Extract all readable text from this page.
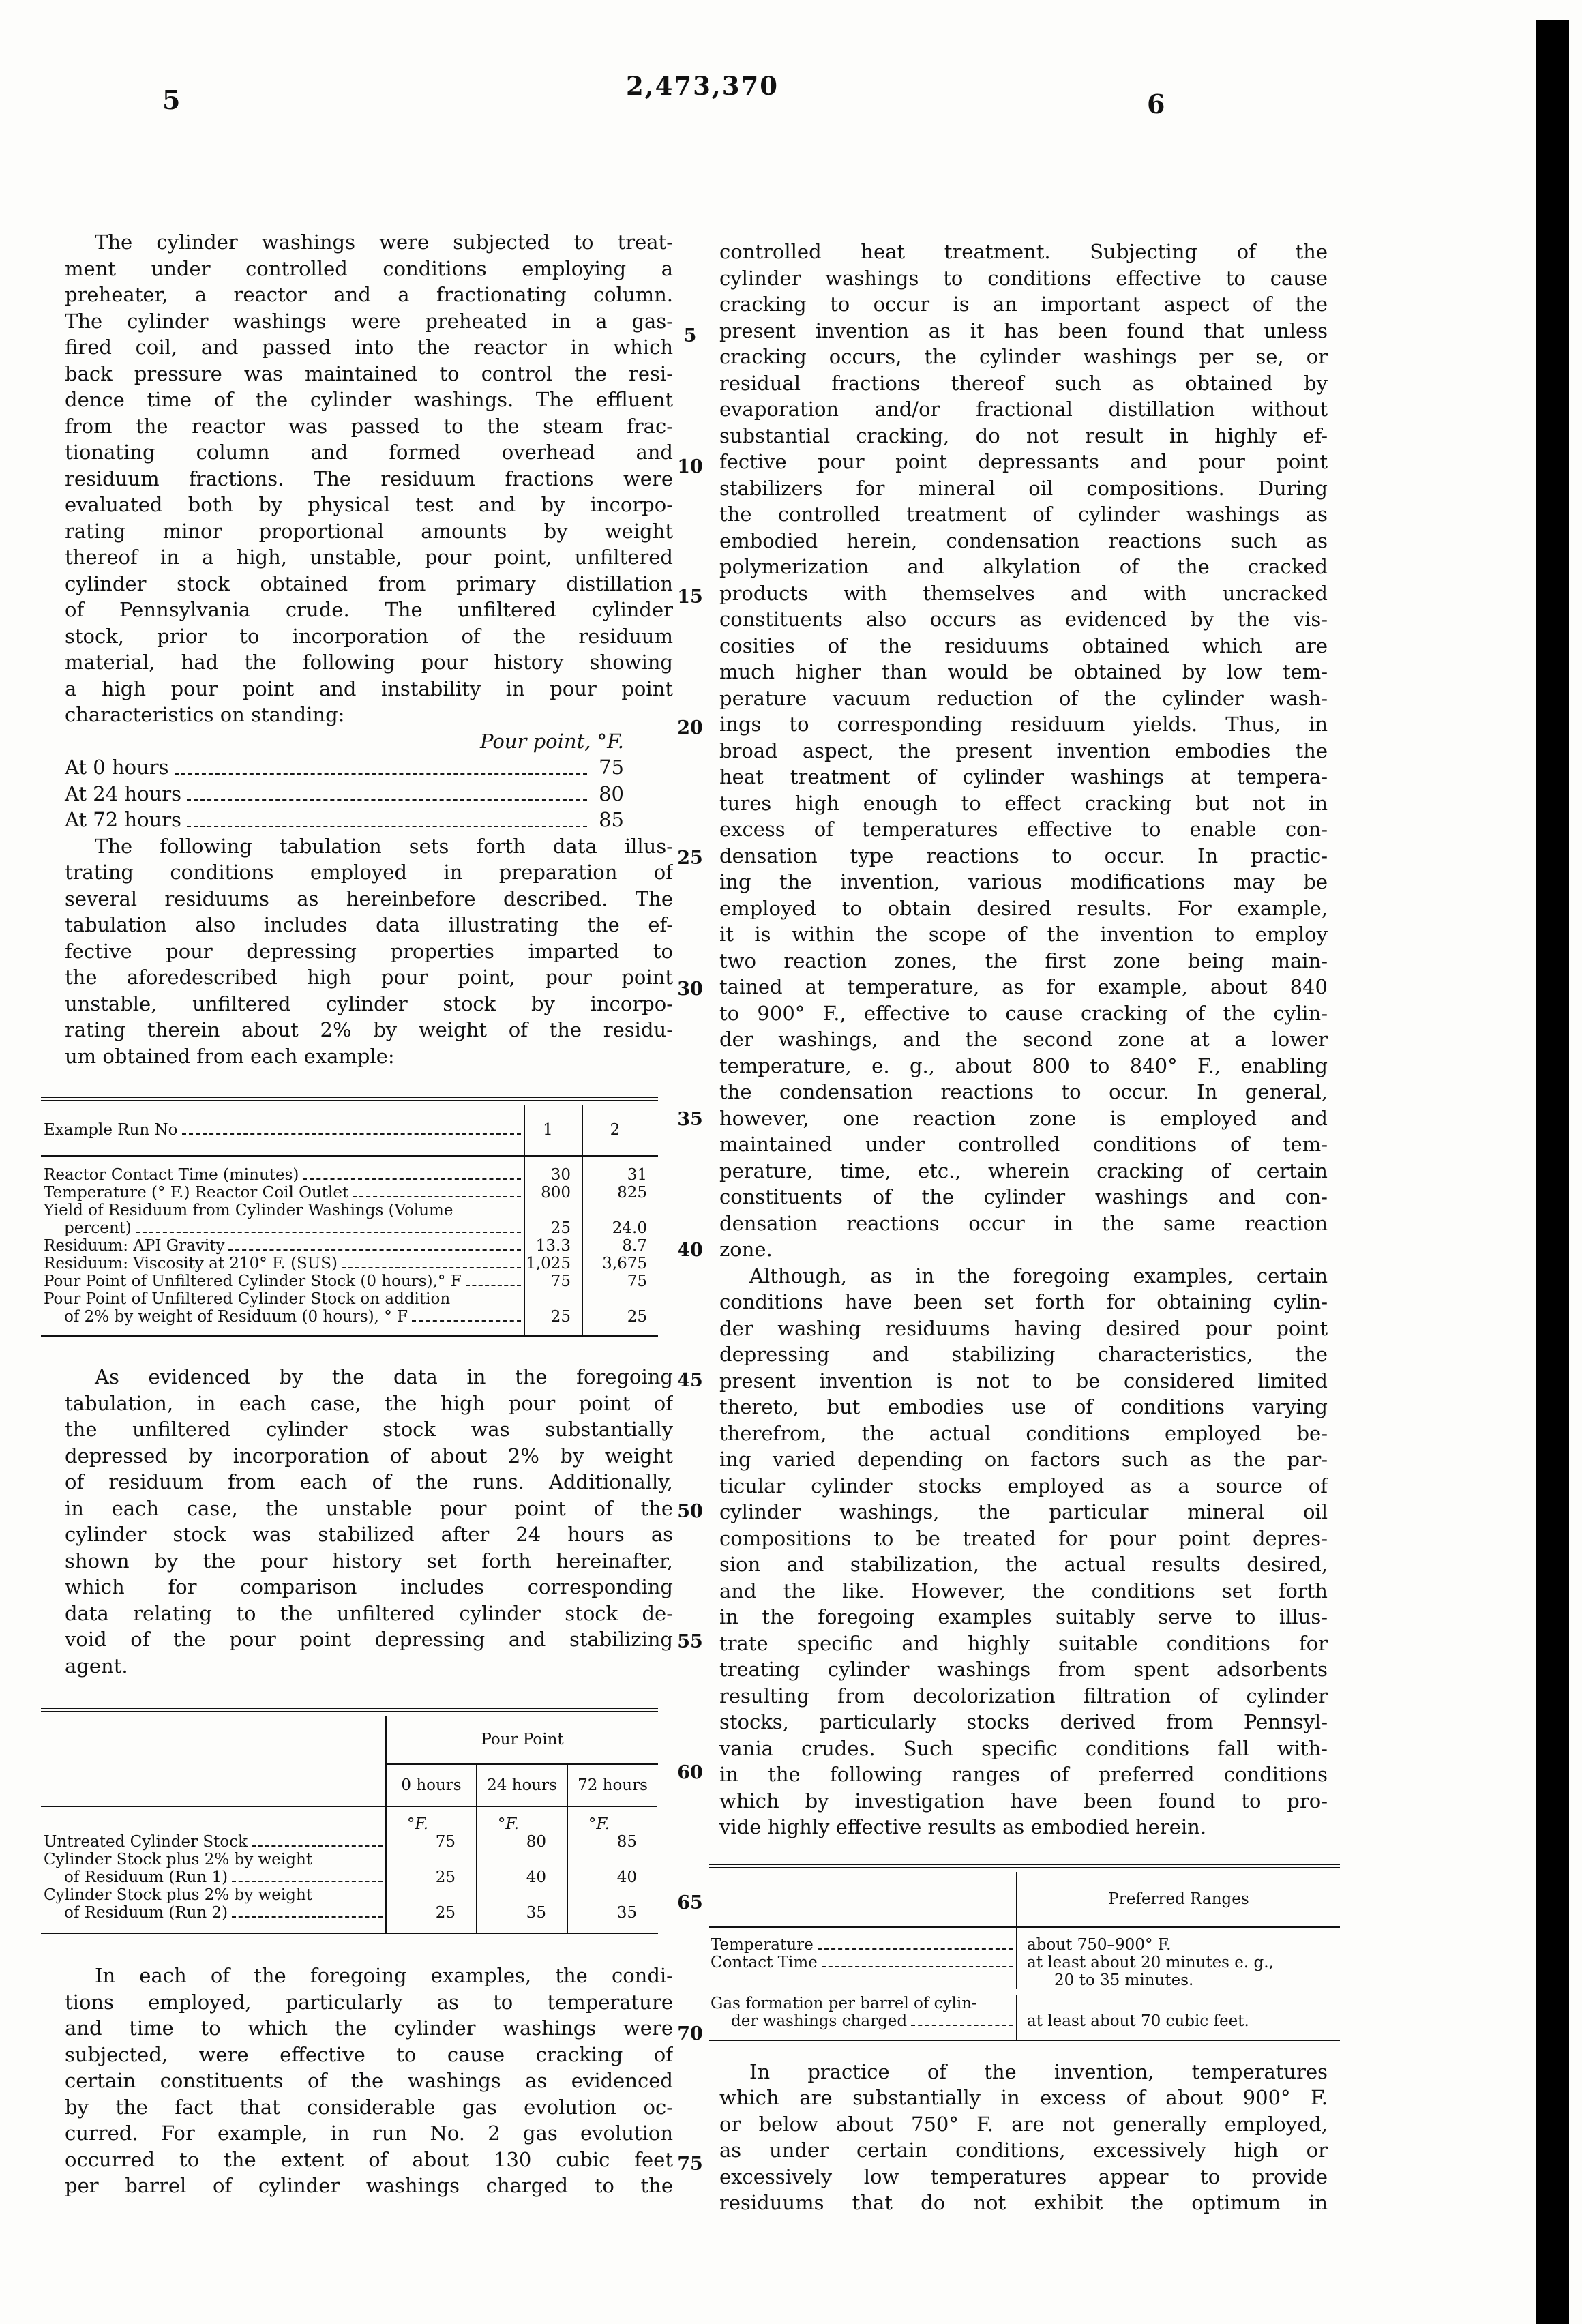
2,473,370
5	6
5
10
15
20
25
30
35
40
45
50
55
60
65
70
75
The cylinder washings were subjected to treat-
ment under controlled conditions employing a
preheater, a reactor and a fractionating column.
The cylinder washings were preheated in a gas-
fired coil, and passed into the reactor in which
back pressure was maintained to control the resi-
dence time of the cylinder washings. The effluent
from the reactor was passed to the steam frac-
tionating column and formed overhead and
residuum fractions. The residuum fractions were
evaluated both by physical test and by incorpo-
rating minor proportional amounts by weight
thereof in a high, unstable, pour point, unfiltered
cylinder stock obtained from primary distillation
of Pennsylvania crude. The unfiltered cylinder
stock, prior to incorporation of the residuum
material, had the following pour history showing
a high pour point and instability in pour point
characteristics on standing:
Pour point, °F.
At 0 hours	75
At 24 hours	80
At 72 hours	85
The following tabulation sets forth data illus-
trating conditions employed in preparation of
several residuums as hereinbefore described. The
tabulation also includes data illustrating the ef-
fective pour depressing properties imparted to
the aforedescribed high pour point, pour point
unstable, unfiltered cylinder stock by incorpo-
rating therein about 2% by weight of the residu-
um obtained from each example:
Example Run No	1	2
Reactor Contact Time (minutes)	30	31
Temperature (° F.) Reactor Coil Outlet	800	825
Yield of Residuum from Cylinder Washings (Volume
percent)	25	24.0
Residuum: API Gravity	13.3	8.7
Residuum: Viscosity at 210° F. (SUS)	1,025	3,675
Pour Point of Unfiltered Cylinder Stock (0 hours),° F	75	75
Pour Point of Unfiltered Cylinder Stock on addition
of 2% by weight of Residuum (0 hours), ° F	25	25
As evidenced by the data in the foregoing
tabulation, in each case, the high pour point of
the unfiltered cylinder stock was substantially
depressed by incorporation of about 2% by weight
of residuum from each of the runs. Additionally,
in each case, the unstable pour point of the
cylinder stock was stabilized after 24 hours as
shown by the pour history set forth hereinafter,
which for comparison includes corresponding
data relating to the unfiltered cylinder stock de-
void of the pour point depressing and stabilizing
agent.
Pour Point
0 hours	24 hours	72 hours
°F.	°F.	°F.
Untreated Cylinder Stock	75	80	85
Cylinder Stock plus 2% by weight
of Residuum (Run 1)	25	40	40
Cylinder Stock plus 2% by weight
of Residuum (Run 2)	25	35	35
In each of the foregoing examples, the condi-
tions employed, particularly as to temperature
and time to which the cylinder washings were
subjected, were effective to cause cracking of
certain constituents of the washings as evidenced
by the fact that considerable gas evolution oc-
curred. For example, in run No. 2 gas evolution
occurred to the extent of about 130 cubic feet
per barrel of cylinder washings charged to the
controlled heat treatment. Subjecting of the
cylinder washings to conditions effective to cause
cracking to occur is an important aspect of the
present invention as it has been found that unless
cracking occurs, the cylinder washings per se, or
residual fractions thereof such as obtained by
evaporation and/or fractional distillation without
substantial cracking, do not result in highly ef-
fective pour point depressants and pour point
stabilizers for mineral oil compositions. During
the controlled treatment of cylinder washings as
embodied herein, condensation reactions such as
polymerization and alkylation of the cracked
products with themselves and with uncracked
constituents also occurs as evidenced by the vis-
cosities of the residuums obtained which are
much higher than would be obtained by low tem-
perature vacuum reduction of the cylinder wash-
ings to corresponding residuum yields. Thus, in
broad aspect, the present invention embodies the
heat treatment of cylinder washings at tempera-
tures high enough to effect cracking but not in
excess of temperatures effective to enable con-
densation type reactions to occur. In practic-
ing the invention, various modifications may be
employed to obtain desired results. For example,
it is within the scope of the invention to employ
two reaction zones, the first zone being main-
tained at temperature, as for example, about 840
to 900° F., effective to cause cracking of the cylin-
der washings, and the second zone at a lower
temperature, e. g., about 800 to 840° F., enabling
the condensation reactions to occur. In general,
however, one reaction zone is employed and
maintained under controlled conditions of tem-
perature, time, etc., wherein cracking of certain
constituents of the cylinder washings and con-
densation reactions occur in the same reaction
zone.
Although, as in the foregoing examples, certain
conditions have been set forth for obtaining cylin-
der washing residuums having desired pour point
depressing and stabilizing characteristics, the
present invention is not to be considered limited
thereto, but embodies use of conditions varying
therefrom, the actual conditions employed be-
ing varied depending on factors such as the par-
ticular cylinder stocks employed as a source of
cylinder washings, the particular mineral oil
compositions to be treated for pour point depres-
sion and stabilization, the actual results desired,
and the like. However, the conditions set forth
in the foregoing examples suitably serve to illus-
trate specific and highly suitable conditions for
treating cylinder washings from spent adsorbents
resulting from decolorization filtration of cylinder
stocks, particularly stocks derived from Pennsyl-
vania crudes. Such specific conditions fall with-
in the following ranges of preferred conditions
which by investigation have been found to pro-
vide highly effective results as embodied herein.
Preferred Ranges
Temperature	about 750–900° F.
Contact Time	at least about 20 minutes e. g.,
20 to 35 minutes.
Gas formation per barrel of cylin-
der washings charged	at least about 70 cubic feet.
In practice of the invention, temperatures
which are substantially in excess of about 900° F.
or below about 750° F. are not generally employed,
as under certain conditions, excessively high or
excessively low temperatures appear to provide
residuums that do not exhibit the optimum in
